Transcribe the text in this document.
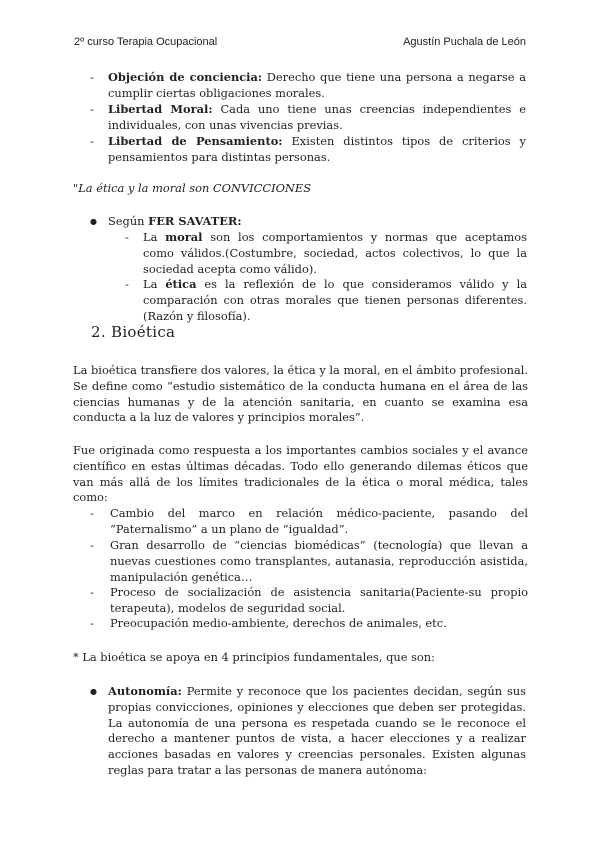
2º curso Terapia Ocupacional	Agustín Puchala de León
- Objeción de conciencia: Derecho que tiene una persona a negarse a cumplir ciertas obligaciones morales.
- Libertad Moral: Cada uno tiene unas creencias independientes e individuales, con unas vivencias previas.
- Libertad de Pensamiento: Existen distintos tipos de criterios y pensamientos para distintas personas.
"La ética y la moral son CONVICCIONES
● Según FER SAVATER:
- La moral son los comportamientos y normas que aceptamos como válidos.(Costumbre, sociedad, actos colectivos, lo que la sociedad acepta como válido).
- La ética es la reflexión de lo que consideramos válido y la comparación con otras morales que tienen personas diferentes. (Razón y filosofía).
2. Bioética
La bioética transfiere dos valores, la ética y la moral, en el ámbito profesional. Se define como “estudio sistemático de la conducta humana en el área de las ciencias humanas y de la atención sanitaria, en cuanto se examina esa conducta a la luz de valores y principios morales”.
Fue originada como respuesta a los importantes cambios sociales y el avance científico en estas últimas décadas. Todo ello generando dilemas éticos que van más allá de los límites tradicionales de la ética o moral médica, tales como:
- Cambio del marco en relación médico-paciente, pasando del “Paternalismo” a un plano de “igualdad”.
- Gran desarrollo de “ciencias biomédicas” (tecnología) que llevan a nuevas cuestiones como transplantes, autanasia, reproducción asistida, manipulación genética…
- Proceso de socialización de asistencia sanitaria(Paciente-su propio terapeuta), modelos de seguridad social.
- Preocupación medio-ambiente, derechos de animales, etc.
* La bioética se apoya en 4 principios fundamentales, que son:
● Autonomía: Permite y reconoce que los pacientes decidan, según sus propias convicciones, opiniones y elecciones que deben ser protegidas. La autonomía de una persona es respetada cuando se le reconoce el derecho a mantener puntos de vista, a hacer elecciones y a realizar acciones basadas en valores y creencias personales. Existen algunas reglas para tratar a las personas de manera autónoma:
